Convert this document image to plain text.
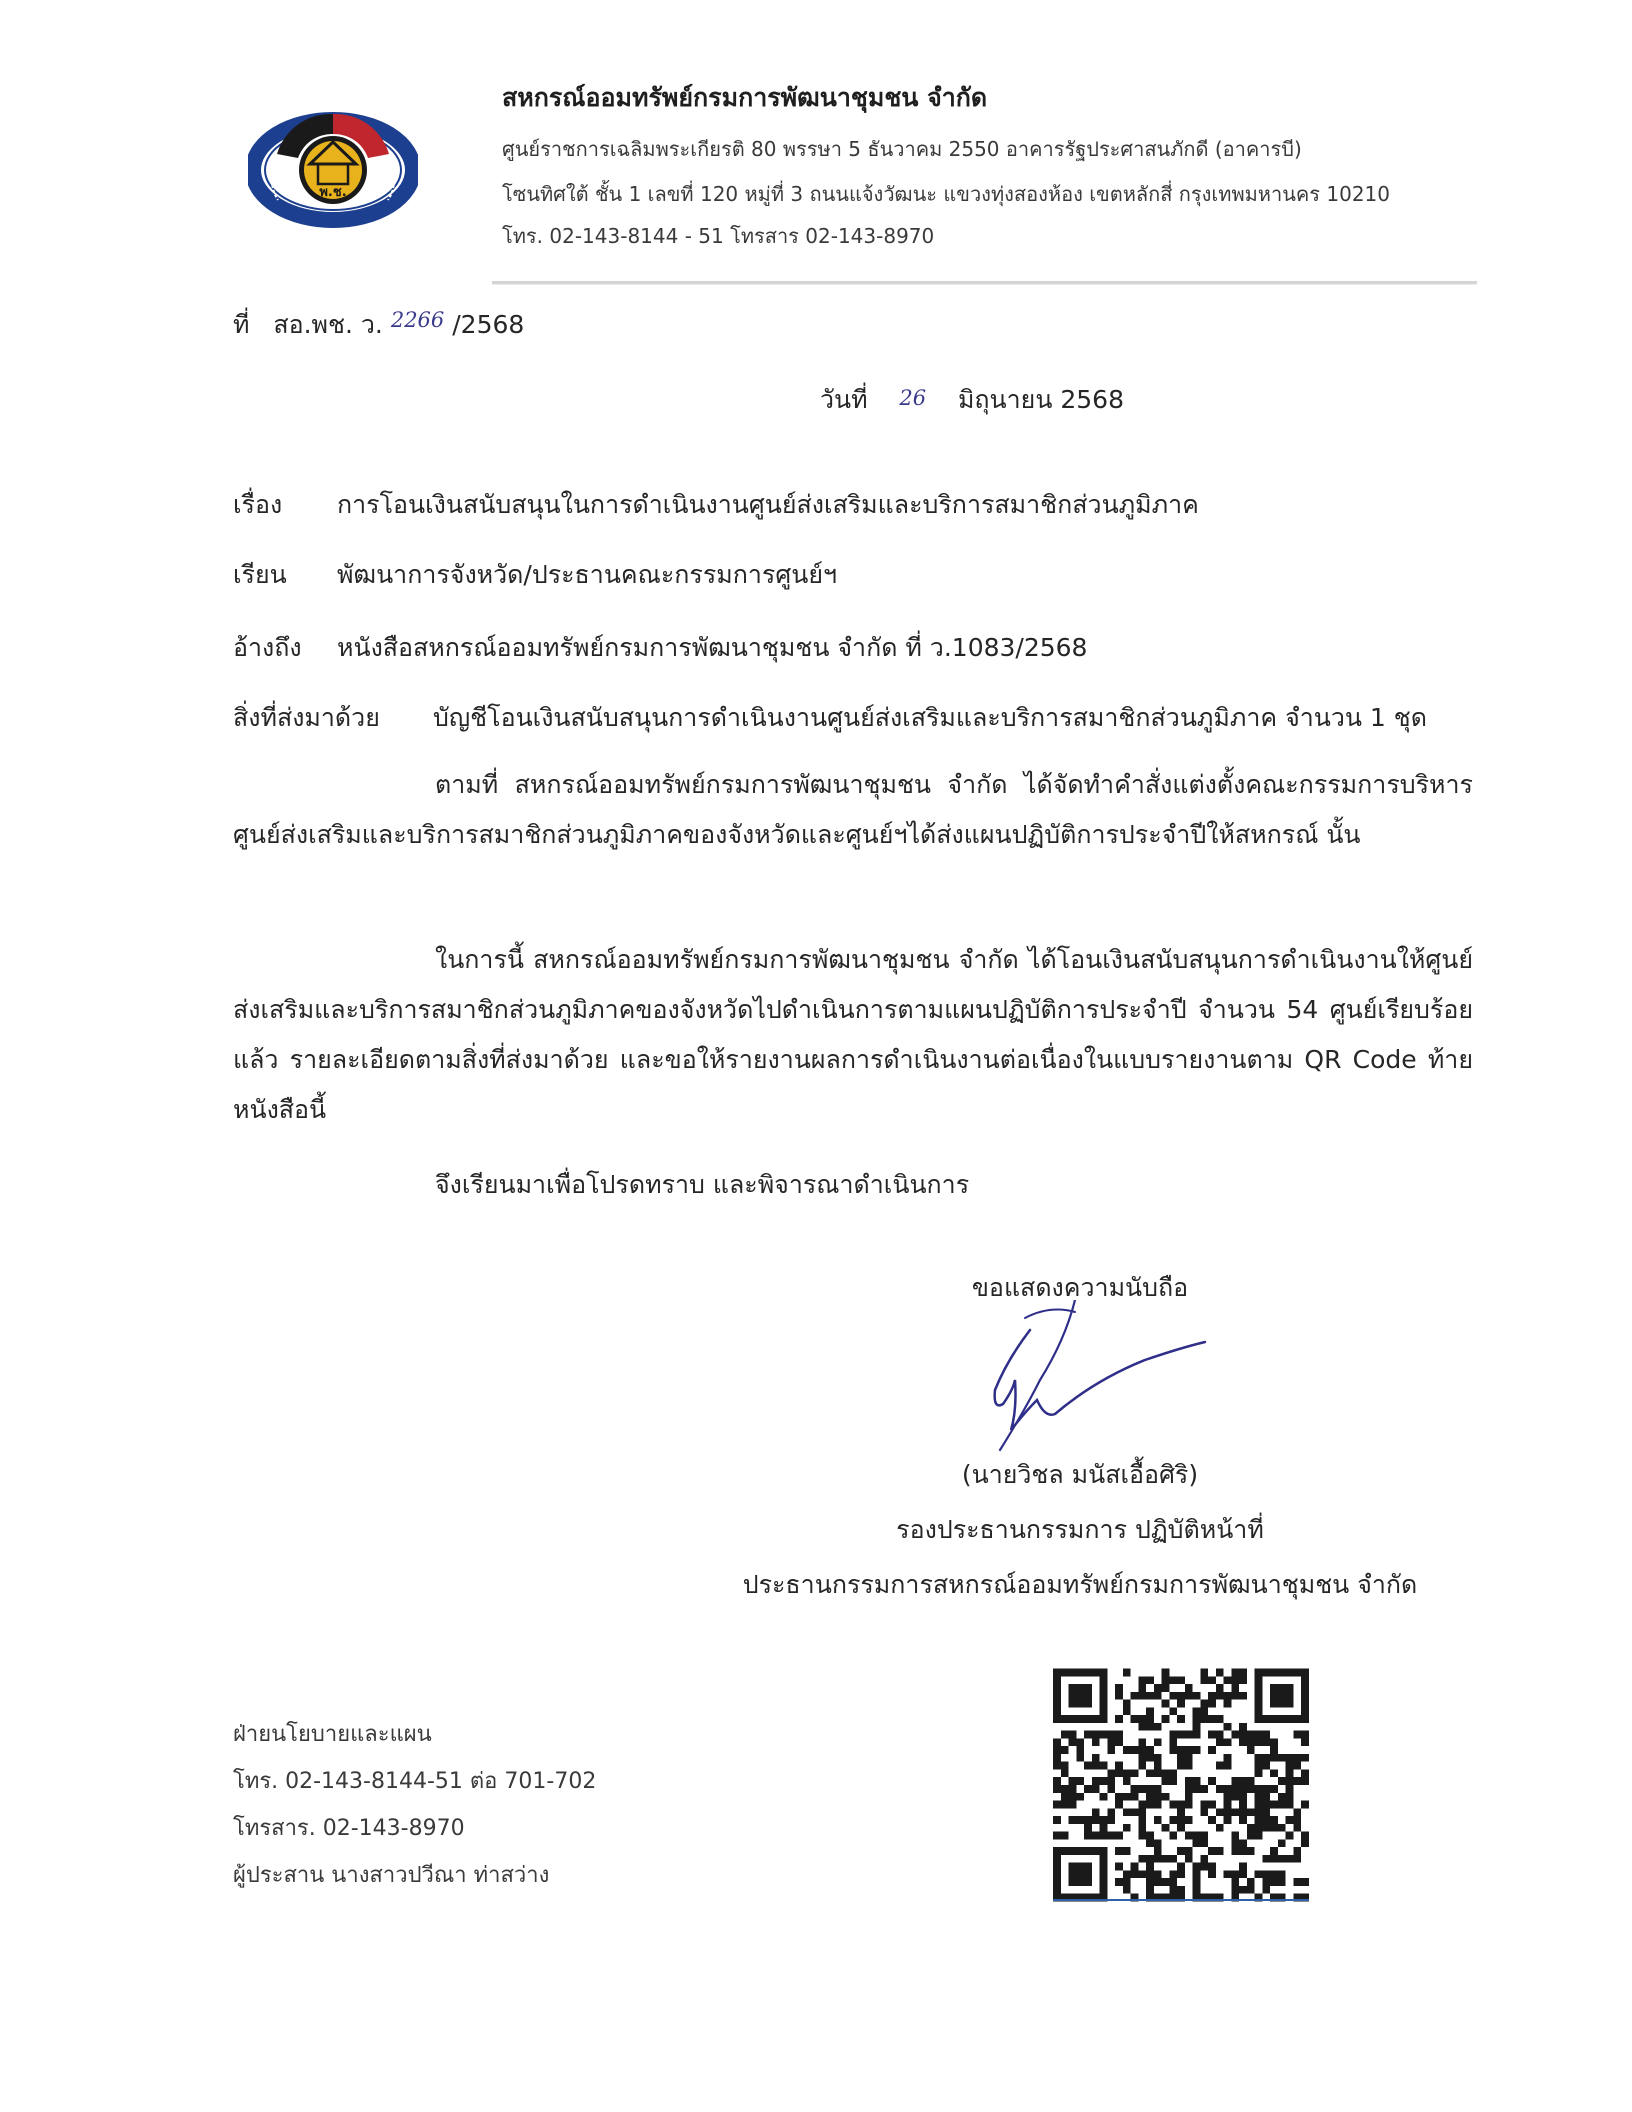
พ.ช.
สหกรณ์ออมทรัพย์กรมการพัฒนาชุมชน จำกัด
ศูนย์ราชการเฉลิมพระเกียรติ 80 พรรษา 5 ธันวาคม 2550 อาคารรัฐประศาสนภักดี (อาคารบี)
โซนทิศใต้ ชั้น 1 เลขที่ 120 หมู่ที่ 3 ถนนแจ้งวัฒนะ แขวงทุ่งสองห้อง เขตหลักสี่ กรุงเทพมหานคร 10210
โทร. 02-143-8144 - 51 โทรสาร 02-143-8970
ที่ สอ.พช. ว. $^{2266}$ /2568
วันที่ 26 มิถุนายน 2568
เรื่อง การโอนเงินสนับสนุนในการดำเนินงานศูนย์ส่งเสริมและบริการสมาชิกส่วนภูมิภาค
เรียน พัฒนาการจังหวัด/ประธานคณะกรรมการศูนย์ฯ
อ้างถึง หนังสือสหกรณ์ออมทรัพย์กรมการพัฒนาชุมชน จำกัด ที่ ว.1083/2568
สิ่งที่ส่งมาด้วย บัญชีโอนเงินสนับสนุนการดำเนินงานศูนย์ส่งเสริมและบริการสมาชิกส่วนภูมิภาค จำนวน 1 ชุด
ตามที่ สหกรณ์ออมทรัพย์กรมการพัฒนาชุมชน จำกัด ได้จัดทำคำสั่งแต่งตั้งคณะกรรมการบริหารศูนย์ส่งเสริมและบริการสมาชิกส่วนภูมิภาคของจังหวัดและศูนย์ฯได้ส่งแผนปฏิบัติการประจำปีให้สหกรณ์ นั้น
ในการนี้ สหกรณ์ออมทรัพย์กรมการพัฒนาชุมชน จำกัด ได้โอนเงินสนับสนุนการดำเนินงานให้ศูนย์ส่งเสริมและบริการสมาชิกส่วนภูมิภาคของจังหวัดไปดำเนินการตามแผนปฏิบัติการประจำปี จำนวน 54 ศูนย์เรียบร้อยแล้ว รายละเอียดตามสิ่งที่ส่งมาด้วย และขอให้รายงานผลการดำเนินงานต่อเนื่องในแบบรายงานตาม QR Code ท้ายหนังสือนี้
จึงเรียนมาเพื่อโปรดทราบ และพิจารณาดำเนินการ
ขอแสดงความนับถือ
(นายวิชล มนัสเอื้อศิริ)
รองประธานกรรมการ ปฏิบัติหน้าที่
ประธานกรรมการสหกรณ์ออมทรัพย์กรมการพัฒนาชุมชน จำกัด
ฝ่ายนโยบายและแผน
โทร. 02-143-8144-51 ต่อ 701-702
โทรสาร. 02-143-8970
ผู้ประสาน นางสาวปวีณา ท่าสว่าง
